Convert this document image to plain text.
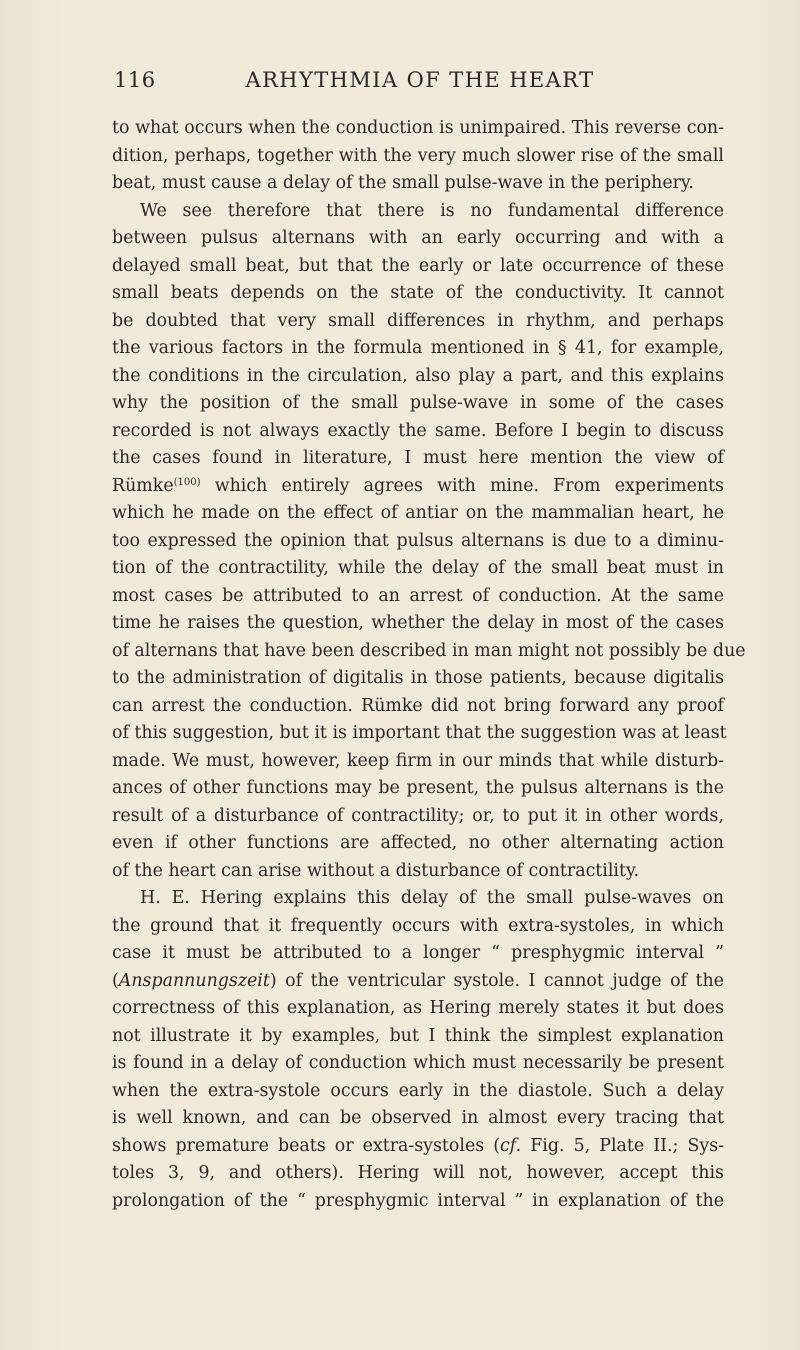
116	ARHYTHMIA OF THE HEART
to what occurs when the conduction is unimpaired. This reverse con-
dition, perhaps, together with the very much slower rise of the small
beat, must cause a delay of the small pulse-wave in the periphery.
We see therefore that there is no fundamental difference
between pulsus alternans with an early occurring and with a
delayed small beat, but that the early or late occurrence of these
small beats depends on the state of the conductivity. It cannot
be doubted that very small differences in rhythm, and perhaps
the various factors in the formula mentioned in § 41, for example,
the conditions in the circulation, also play a part, and this explains
why the position of the small pulse-wave in some of the cases
recorded is not always exactly the same. Before I begin to discuss
the cases found in literature, I must here mention the view of
Rümke$^{(100)}$ which entirely agrees with mine. From experiments
which he made on the effect of antiar on the mammalian heart, he
too expressed the opinion that pulsus alternans is due to a diminu-
tion of the contractility, while the delay of the small beat must in
most cases be attributed to an arrest of conduction. At the same
time he raises the question, whether the delay in most of the cases
of alternans that have been described in man might not possibly be due
to the administration of digitalis in those patients, because digitalis
can arrest the conduction. Rümke did not bring forward any proof
of this suggestion, but it is important that the suggestion was at least
made. We must, however, keep firm in our minds that while disturb-
ances of other functions may be present, the pulsus alternans is the
result of a disturbance of contractility; or, to put it in other words,
even if other functions are affected, no other alternating action
of the heart can arise without a disturbance of contractility.
H. E. Hering explains this delay of the small pulse-waves on
the ground that it frequently occurs with extra-systoles, in which
case it must be attributed to a longer “ presphygmic interval ”
(Anspannungszeit) of the ventricular systole. I cannot judge of the
correctness of this explanation, as Hering merely states it but does
not illustrate it by examples, but I think the simplest explanation
is found in a delay of conduction which must necessarily be present
when the extra-systole occurs early in the diastole. Such a delay
is well known, and can be observed in almost every tracing that
shows premature beats or extra-systoles (cf. Fig. 5, Plate II.; Sys-
toles 3, 9, and others). Hering will not, however, accept this
prolongation of the “ presphygmic interval ” in explanation of the
